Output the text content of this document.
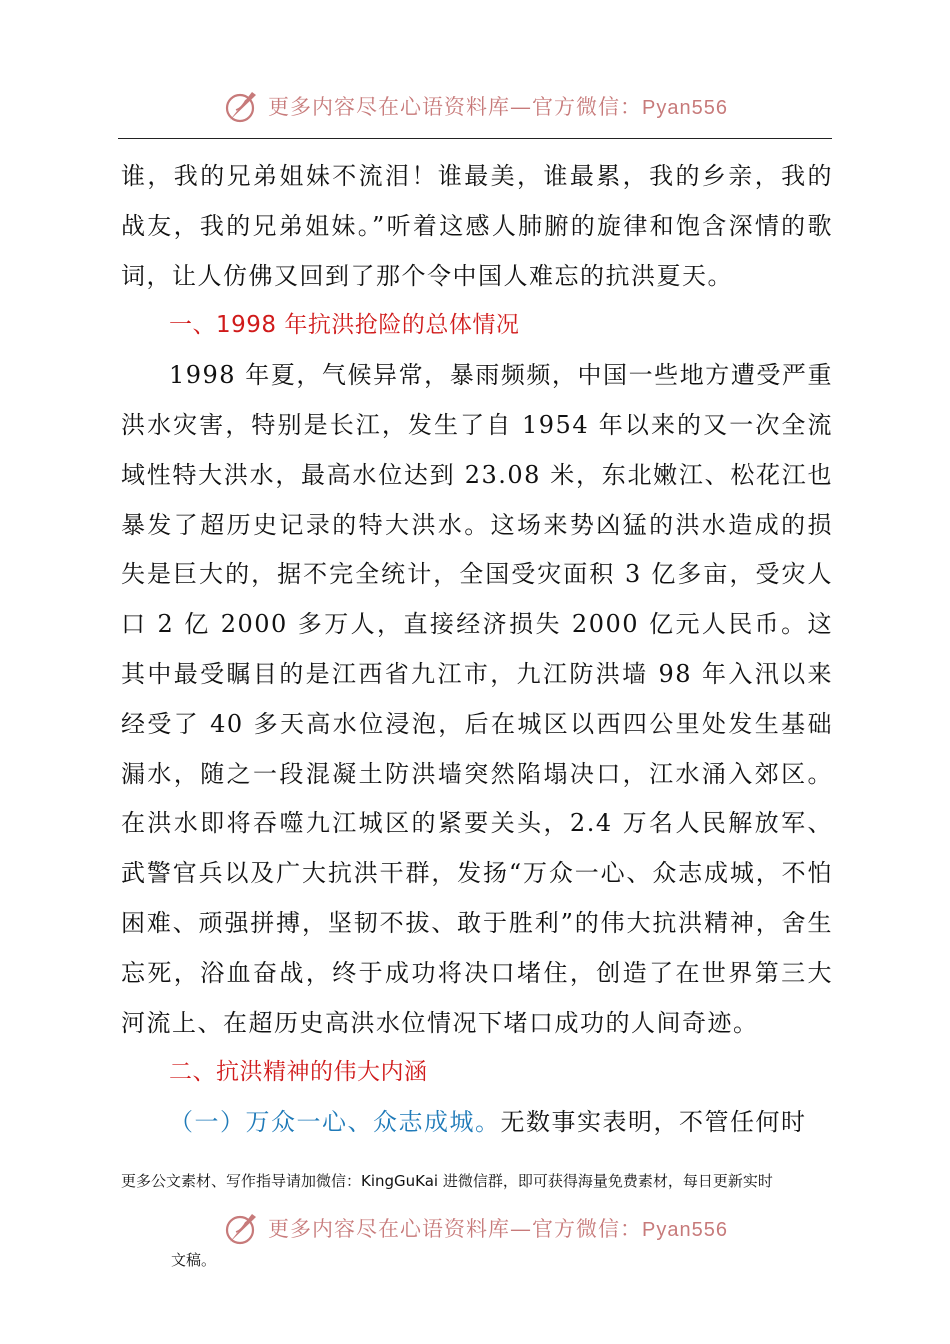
更多内容尽在心语资料库—官方微信：Pyan556

谁，我的兄弟姐妹不流泪！谁最美，谁最累，我的乡亲，我的战友，我的兄弟姐妹。”听着这感人肺腑的旋律和饱含深情的歌词，让人仿佛又回到了那个令中国人难忘的抗洪夏天。

一、1998 年抗洪抢险的总体情况

1998 年夏，气候异常，暴雨频频，中国一些地方遭受严重洪水灾害，特别是长江，发生了自 1954 年以来的又一次全流域性特大洪水，最高水位达到 23.08 米，东北嫩江、松花江也暴发了超历史记录的特大洪水。这场来势凶猛的洪水造成的损失是巨大的，据不完全统计，全国受灾面积 3 亿多亩，受灾人口 2 亿 2000 多万人，直接经济损失 2000 亿元人民币。这其中最受瞩目的是江西省九江市，九江防洪墙 98 年入汛以来经受了 40 多天高水位浸泡，后在城区以西四公里处发生基础漏水，随之一段混凝土防洪墙突然陷塌决口，江水涌入郊区。在洪水即将吞噬九江城区的紧要关头，2.4 万名人民解放军、武警官兵以及广大抗洪干群，发扬“万众一心、众志成城，不怕困难、顽强拼搏，坚韧不拔、敢于胜利”的伟大抗洪精神，舍生忘死，浴血奋战，终于成功将决口堵住，创造了在世界第三大河流上、在超历史高洪水位情况下堵口成功的人间奇迹。

二、抗洪精神的伟大内涵

（一）万众一心、众志成城。无数事实表明，不管任何时

更多公文素材、写作指导请加微信：KingGuKai 进微信群，即可获得海量免费素材，每日更新实时
更多内容尽在心语资料库—官方微信：Pyan556
文稿。
